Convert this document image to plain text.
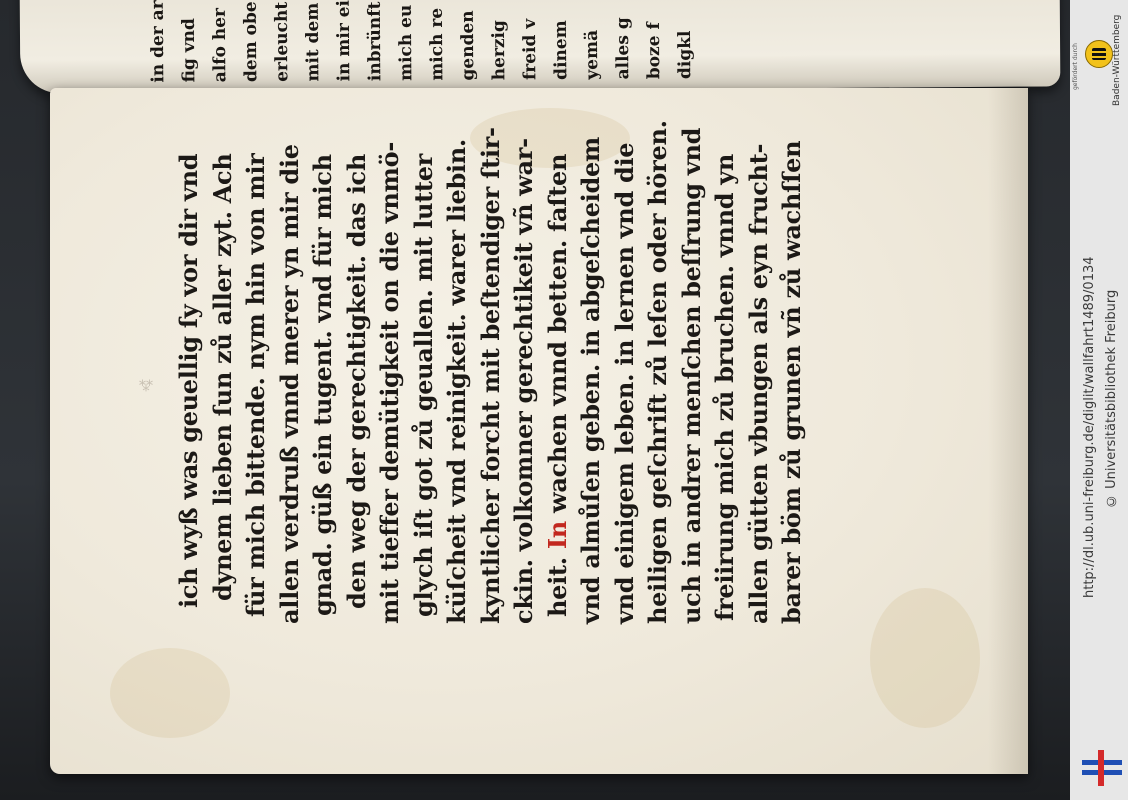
in der ar fig vnd alfo her dem obe erleucht mit dem in mir ei inbrünft mich eu mich re genden herzig freid v dinem yemä alles g boze f digkl
⁂ ich wyß was geuellig ſy vor dir vnd dynem lieben ſun zů aller zyt. Ach für mich bittende. nym hin von mir allen verdruß vnnd merer yn mir die gnad. güß ein tugent. vnd für mich den weg der gerechtigkeit. das ich mit tieffer demütigkeit on die vnmö- glych iſt got zů geuallen. mit lutter küſcheit vnd reinigkeit. warer liebin. kyntlicher forcht mit beſtendiger ſtir- ckin. volkomner gerechtikeit vñ war- heit. In wachen vnnd betten. faſten vnd almůſen geben. in abgeſcheidem vnd einigem leben. in lernen vnd die heiligen geſchrift zů leſen oder hören. uch in andrer menſchen beſſrung vnd freiirung mich zů bruchen. vnnd yn allen gütten vbungen als eyn frucht- barer böm zů grunen vñ zů wachſſen
gefördert durch	Baden-Württemberg
http://dl.ub.uni-freiburg.de/diglit/wallfahrt1489/0134 © Universitätsbibliothek Freiburg
